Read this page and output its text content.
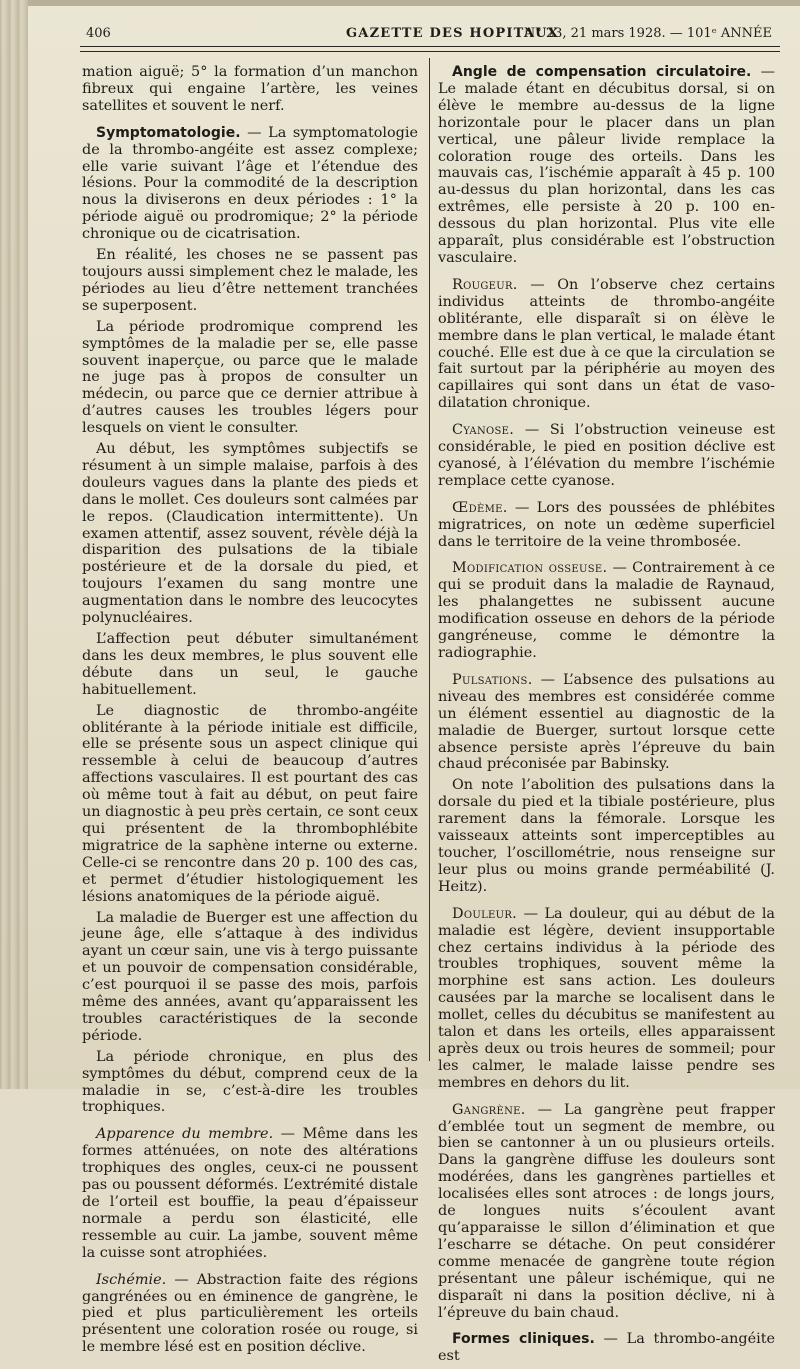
406	GAZETTE DES HOPITAUX
N° 23, 21 mars 1928. — 101ᵉ ANNÉE

mation aiguë; 5° la formation d’un manchon fibreux qui engaine l’artère, les veines satellites et souvent le nerf.

Symptomatologie. — La symptomatologie de la thrombo-angéite est assez complexe; elle varie suivant l’âge et l’étendue des lésions. Pour la commodité de la description nous la diviserons en deux périodes : 1° la période aiguë ou prodromique; 2° la période chronique ou de cicatrisation.

En réalité, les choses ne se passent pas toujours aussi simplement chez le malade, les périodes au lieu d’être nettement tranchées se superposent.

La période prodromique comprend les symptômes de la maladie per se, elle passe souvent inaperçue, ou parce que le malade ne juge pas à propos de consulter un médecin, ou parce que ce dernier attribue à d’autres causes les troubles légers pour lesquels on vient le consulter.

Au début, les symptômes subjectifs se résument à un simple malaise, parfois à des douleurs vagues dans la plante des pieds et dans le mollet. Ces douleurs sont calmées par le repos. (Claudication intermittente). Un examen attentif, assez souvent, révèle déjà la disparition des pulsations de la tibiale postérieure et de la dorsale du pied, et toujours l’examen du sang montre une augmentation dans le nombre des leucocytes polynucléaires.

L’affection peut débuter simultanément dans les deux membres, le plus souvent elle débute dans un seul, le gauche habituellement.

Le diagnostic de thrombo-angéite oblitérante à la période initiale est difficile, elle se présente sous un aspect clinique qui ressemble à celui de beaucoup d’autres affections vasculaires. Il est pourtant des cas où même tout à fait au début, on peut faire un diagnostic à peu près certain, ce sont ceux qui présentent de la thrombophlébite migratrice de la saphène interne ou externe. Celle-ci se rencontre dans 20 p. 100 des cas, et permet d’étudier histologiquement les lésions anatomiques de la période aiguë.

La maladie de Buerger est une affection du jeune âge, elle s’attaque à des individus ayant un cœur sain, une vis à tergo puissante et un pouvoir de compensation considérable, c’est pourquoi il se passe des mois, parfois même des années, avant qu’apparaissent les troubles caractéristiques de la seconde période.

La période chronique, en plus des symptômes du début, comprend ceux de la maladie in se, c’est-à-dire les troubles trophiques.

Apparence du membre. — Même dans les formes atténuées, on note des altérations trophiques des ongles, ceux-ci ne poussent pas ou poussent déformés. L’extrémité distale de l’orteil est bouffie, la peau d’épaisseur normale a perdu son élasticité, elle ressemble au cuir. La jambe, souvent même la cuisse sont atrophiées.

Ischémie. — Abstraction faite des régions gangrénées ou en éminence de gangrène, le pied et plus particulièrement les orteils présentent une coloration rosée ou rouge, si le membre lésé est en position déclive.

Angle de compensation circulatoire. — Le malade étant en décubitus dorsal, si on élève le membre au-dessus de la ligne horizontale pour le placer dans un plan vertical, une pâleur livide remplace la coloration rouge des orteils. Dans les mauvais cas, l’ischémie apparaît à 45 p. 100 au-dessus du plan horizontal, dans les cas extrêmes, elle persiste à 20 p. 100 en-dessous du plan horizontal. Plus vite elle apparaît, plus considérable est l’obstruction vasculaire.

Rougeur. — On l’observe chez certains individus atteints de thrombo-angéite oblitérante, elle disparaît si on élève le membre dans le plan vertical, le malade étant couché. Elle est due à ce que la circulation se fait surtout par la périphérie au moyen des capillaires qui sont dans un état de vaso-dilatation chronique.

Cyanose. — Si l’obstruction veineuse est considérable, le pied en position déclive est cyanosé, à l’élévation du membre l’ischémie remplace cette cyanose.

Œdème. — Lors des poussées de phlébites migratrices, on note un œdème superficiel dans le territoire de la veine thrombosée.

Modification osseuse. — Contrairement à ce qui se produit dans la maladie de Raynaud, les phalangettes ne subissent aucune modification osseuse en dehors de la période gangréneuse, comme le démontre la radiographie.

Pulsations. — L’absence des pulsations au niveau des membres est considérée comme un élément essentiel au diagnostic de la maladie de Buerger, surtout lorsque cette absence persiste après l’épreuve du bain chaud préconisée par Babinsky.

On note l’abolition des pulsations dans la dorsale du pied et la tibiale postérieure, plus rarement dans la fémorale. Lorsque les vaisseaux atteints sont imperceptibles au toucher, l’oscillométrie, nous renseigne sur leur plus ou moins grande perméabilité (J. Heitz).

Douleur. — La douleur, qui au début de la maladie est légère, devient insupportable chez certains individus à la période des troubles trophiques, souvent même la morphine est sans action. Les douleurs causées par la marche se localisent dans le mollet, celles du décubitus se manifestent au talon et dans les orteils, elles apparaissent après deux ou trois heures de sommeil; pour les calmer, le malade laisse pendre ses membres en dehors du lit.

Gangrène. — La gangrène peut frapper d’emblée tout un segment de membre, ou bien se cantonner à un ou plusieurs orteils. Dans la gangrène diffuse les douleurs sont modérées, dans les gangrènes partielles et localisées elles sont atroces : de longs jours, de longues nuits s’écoulent avant qu’apparaisse le sillon d’élimination et que l’escharre se détache. On peut considérer comme menacée de gangrène toute région présentant une pâleur ischémique, qui ne disparaît ni dans la position déclive, ni à l’épreuve du bain chaud.

Formes cliniques. — La thrombo-angéite est
